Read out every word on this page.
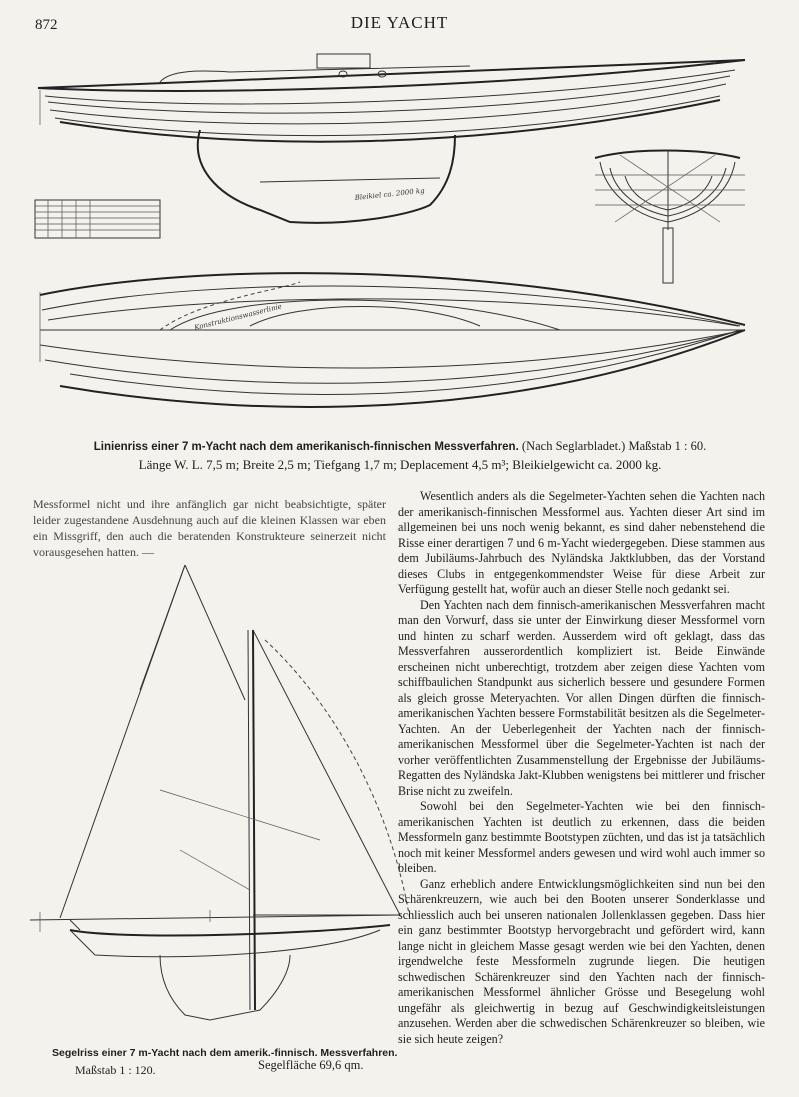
872	DIE YACHT
Bleikiel ca. 2000 kg
Konstruktionswasserlinie
Linienriss einer 7 m-Yacht nach dem amerikanisch-finnischen Messverfahren. (Nach Seglarbladet.) Maßstab 1 : 60.
Länge W. L. 7,5 m; Breite 2,5 m; Tiefgang 1,7 m; Deplacement 4,5 m³; Bleikielgewicht ca. 2000 kg.
Messformel nicht und ihre anfänglich gar nicht beabsichtigte, später leider zugestandene Ausdehnung auch auf die kleinen Klassen war eben ein Missgriff, den auch die beratenden Konstrukteure seinerzeit nicht vorausgesehen hatten. —

Wesentlich anders als die Segelmeter-Yachten sehen die Yachten nach der amerikanisch-finnischen Messformel aus. Yachten dieser Art sind im allgemeinen bei uns noch wenig bekannt, es sind daher nebenstehend die Risse einer derartigen 7 und 6 m-Yacht wiedergegeben. Diese stammen aus dem Jubiläums-Jahrbuch des Nyländska Jaktklubben, das der Vorstand dieses Clubs in entgegenkommendster Weise für diese Arbeit zur Verfügung gestellt hat, wofür auch an dieser Stelle noch gedankt sei.

Den Yachten nach dem finnisch-amerikanischen Messverfahren macht man den Vorwurf, dass sie unter der Einwirkung dieser Messformel vorn und hinten zu scharf werden. Ausserdem wird oft geklagt, dass das Messverfahren ausserordentlich kompliziert ist. Beide Einwände erscheinen nicht unberechtigt, trotzdem aber zeigen diese Yachten vom schiffbaulichen Standpunkt aus sicherlich bessere und gesundere Formen als gleich grosse Meteryachten. Vor allen Dingen dürften die finnisch-amerikanischen Yachten bessere Formstabilität besitzen als die Segelmeter-Yachten. An der Ueberlegenheit der Yachten nach der finnisch-amerikanischen Messformel über die Segelmeter-Yachten ist nach der vorher veröffentlichten Zusammenstellung der Ergebnisse der Jubiläums-Regatten des Nyländska Jakt-Klubben wenigstens bei mittlerer und frischer Brise nicht zu zweifeln.

Sowohl bei den Segelmeter-Yachten wie bei den finnisch-amerikanischen Yachten ist deutlich zu erkennen, dass die beiden Messformeln ganz bestimmte Bootstypen züchten, und das ist ja tatsächlich noch mit keiner Messformel anders gewesen und wird wohl auch immer so bleiben.

Ganz erheblich andere Entwicklungsmöglichkeiten sind nun bei den Schärenkreuzern, wie auch bei den Booten unserer Sonderklasse und schliesslich auch bei unseren nationalen Jollenklassen gegeben. Dass hier ein ganz bestimmter Bootstyp hervorgebracht und gefördert wird, kann lange nicht in gleichem Masse gesagt werden wie bei den Yachten, denen irgendwelche feste Messformeln zugrunde liegen. Die heutigen schwedischen Schärenkreuzer sind den Yachten nach der finnisch-amerikanischen Messformel ähnlicher Grösse und Besegelung wohl ungefähr als gleichwertig in bezug auf Geschwindigkeitsleistungen anzusehen. Werden aber die schwedischen Schärenkreuzer so bleiben, wie sie sich heute zeigen?

Segelriss einer 7 m-Yacht nach dem amerik.-finnisch. Messverfahren.
Maßstab 1 : 120.	Segelfläche 69,6 qm.
